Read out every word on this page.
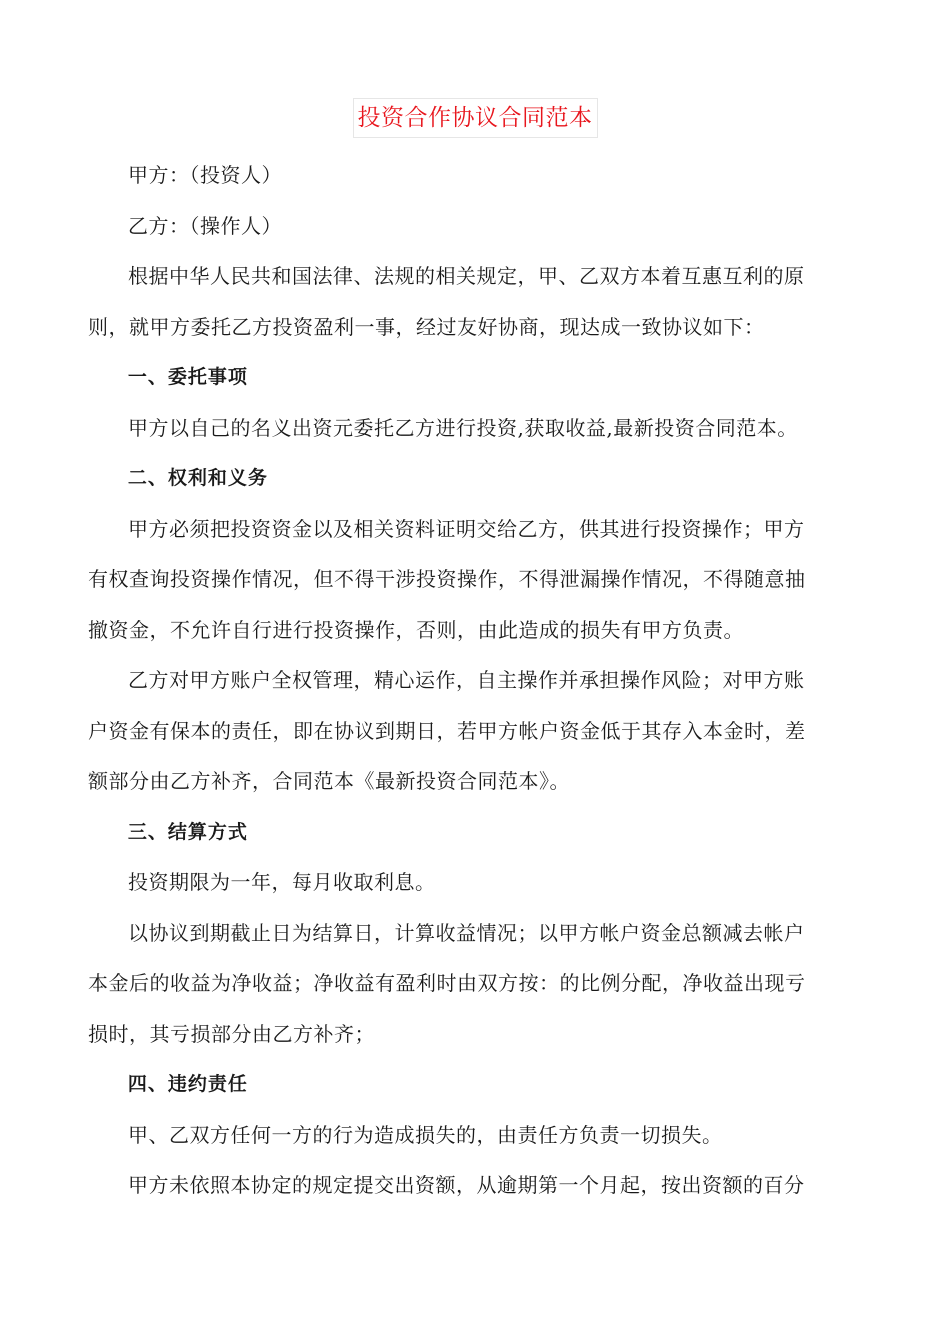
投资合作协议合同范本

甲方：（投资人）

乙方：（操作人）

根据中华人民共和国法律、法规的相关规定，甲、乙双方本着互惠互利的原
则，就甲方委托乙方投资盈利一事，经过友好协商，现达成一致协议如下：

一、委托事项

甲方以自己的名义出资元委托乙方进行投资,获取收益,最新投资合同范本。

二、权利和义务

甲方必须把投资资金以及相关资料证明交给乙方，供其进行投资操作；甲方
有权查询投资操作情况，但不得干涉投资操作，不得泄漏操作情况，不得随意抽
撤资金，不允许自行进行投资操作，否则，由此造成的损失有甲方负责。

乙方对甲方账户全权管理，精心运作，自主操作并承担操作风险；对甲方账
户资金有保本的责任，即在协议到期日，若甲方帐户资金低于其存入本金时，差
额部分由乙方补齐，合同范本《最新投资合同范本》。

三、结算方式

投资期限为一年，每月收取利息。

以协议到期截止日为结算日，计算收益情况；以甲方帐户资金总额减去帐户
本金后的收益为净收益；净收益有盈利时由双方按：的比例分配，净收益出现亏
损时，其亏损部分由乙方补齐；

四、违约责任

甲、乙双方任何一方的行为造成损失的，由责任方负责一切损失。

甲方未依照本协定的规定提交出资额，从逾期第一个月起，按出资额的百分
